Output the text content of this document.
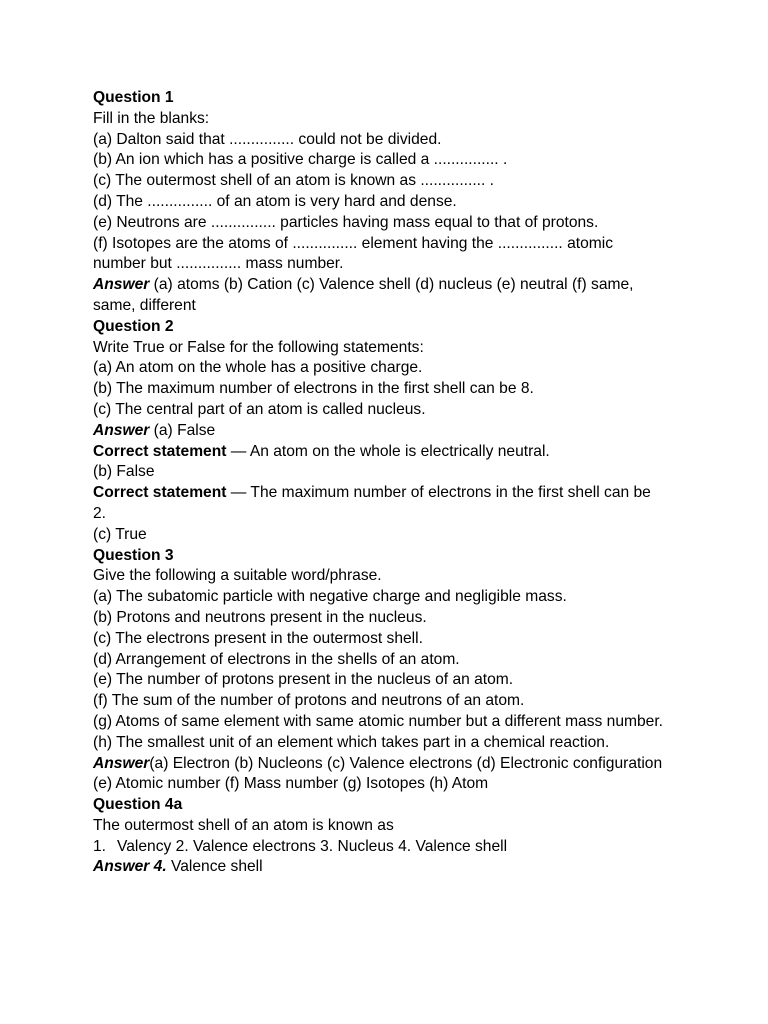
Question 1

Fill in the blanks:

(a) Dalton said that ............... could not be divided.

(b) An ion which has a positive charge is called a ............... .

(c) The outermost shell of an atom is known as ............... .

(d) The ............... of an atom is very hard and dense.

(e) Neutrons are ............... particles having mass equal to that of protons.

(f) Isotopes are the atoms of ............... element having the ............... atomic number but ............... mass number.

Answer (a) atoms (b) Cation (c) Valence shell (d) nucleus (e) neutral (f) same, same, different

Question 2

Write True or False for the following statements:

(a) An atom on the whole has a positive charge.

(b) The maximum number of electrons in the first shell can be 8.

(c) The central part of an atom is called nucleus.

Answer (a) False

Correct statement — An atom on the whole is electrically neutral.

(b) False

Correct statement — The maximum number of electrons in the first shell can be 2.

(c) True

Question 3

Give the following a suitable word/phrase.

(a) The subatomic particle with negative charge and negligible mass.

(b) Protons and neutrons present in the nucleus.

(c) The electrons present in the outermost shell.

(d) Arrangement of electrons in the shells of an atom.

(e) The number of protons present in the nucleus of an atom.

(f) The sum of the number of protons and neutrons of an atom.

(g) Atoms of same element with same atomic number but a different mass number.

(h) The smallest unit of an element which takes part in a chemical reaction.

Answer(a) Electron (b) Nucleons (c) Valence electrons (d) Electronic configuration (e) Atomic number (f) Mass number (g) Isotopes (h) Atom

Question 4a

The outermost shell of an atom is known as

1. Valency 2. Valence electrons 3. Nucleus 4. Valence shell

Answer 4. Valence shell
